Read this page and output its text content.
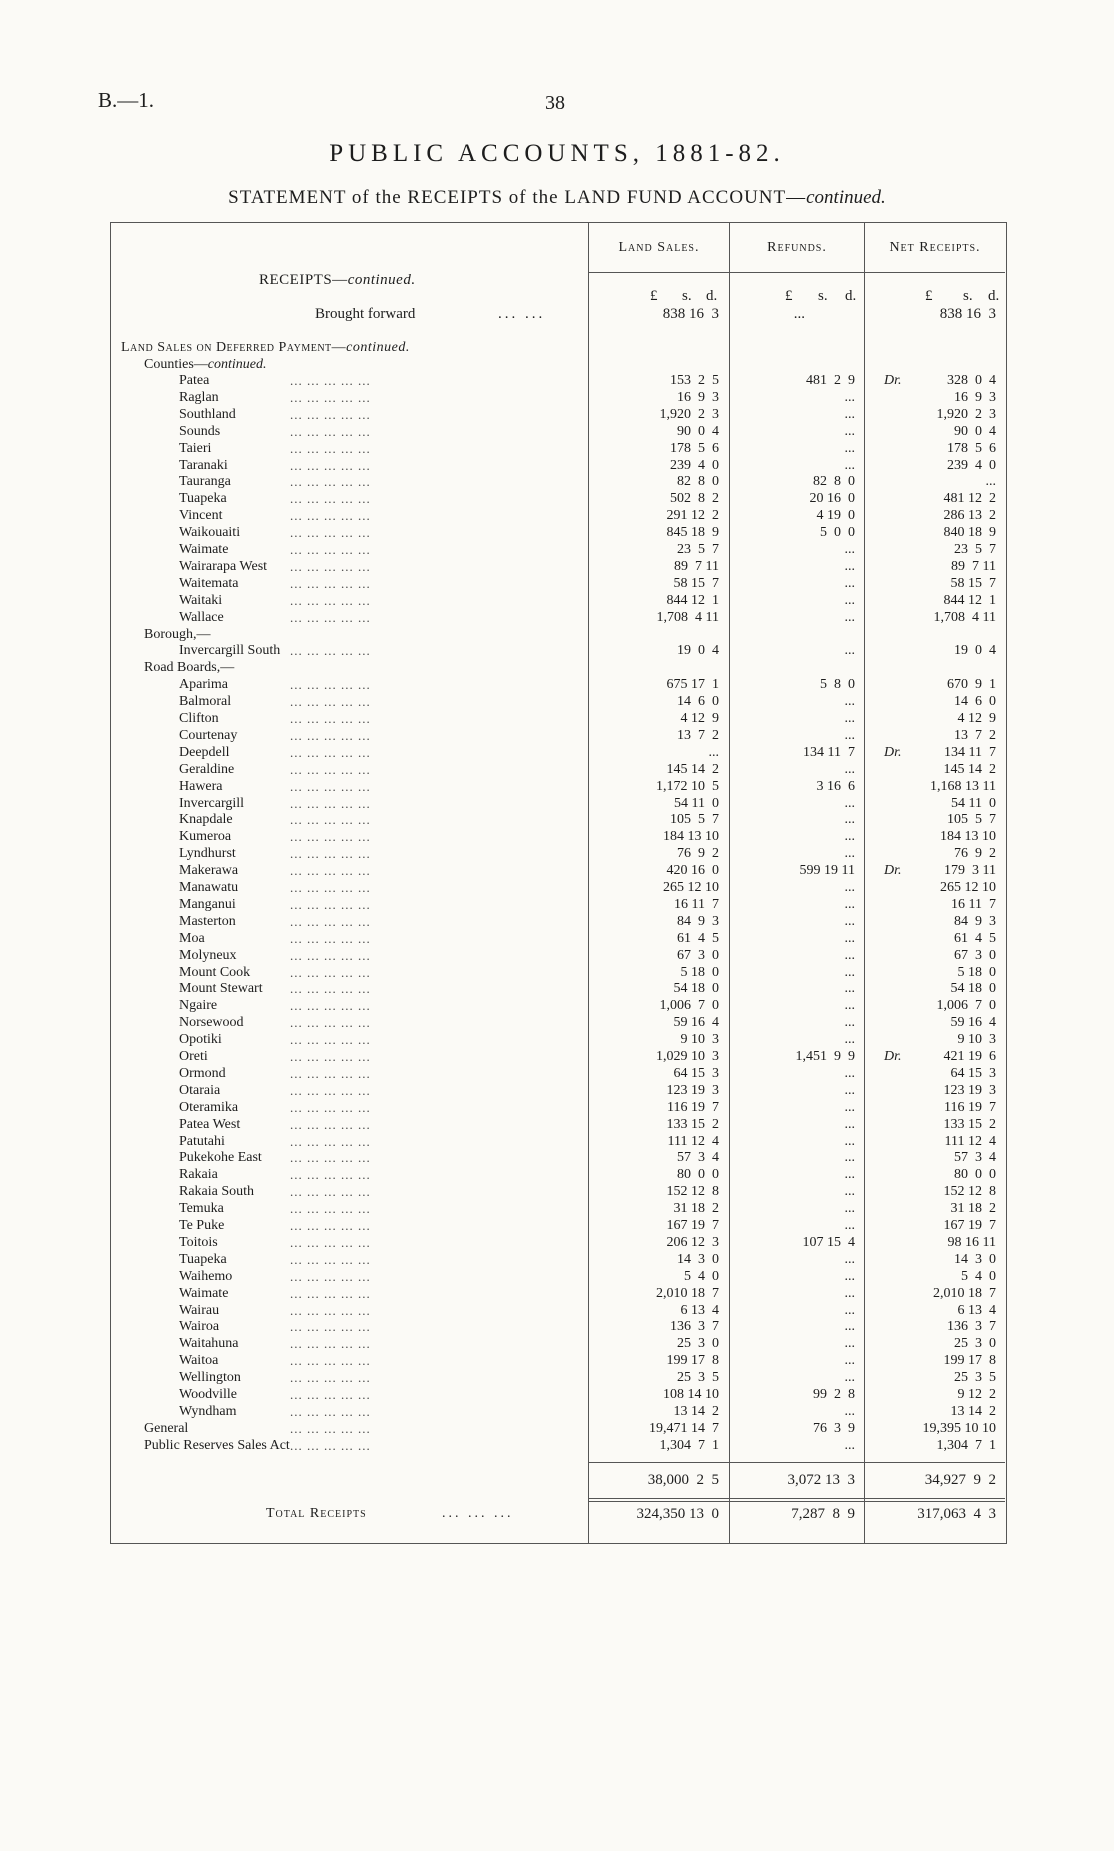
B.—1.	38
PUBLIC ACCOUNTS, 1881-82.
STATEMENT of the RECEIPTS of the LAND FUND ACCOUNT—continued.
Land Sales.	Refunds.	Net Receipts.
RECEIPTS—continued.
£ s. d.	£ s. d.	£ s. d.
Brought forward	... ...	838 16  3	...	838 16  3
Land Sales on Deferred Payment—continued.
Counties—continued.
Patea	... ... ... ... ...	153  2  5	481  2  9 Dr.	328  0  4
Raglan	... ... ... ... ...	16  9  3	...	16  9  3
Southland	... ... ... ... ...	1,920  2  3	...	1,920  2  3
Sounds	... ... ... ... ...	90  0  4	...	90  0  4
Taieri	... ... ... ... ...	178  5  6	...	178  5  6
Taranaki	... ... ... ... ...	239  4  0	...	239  4  0
Tauranga	... ... ... ... ...	82  8  0	82  8  0	...
Tuapeka	... ... ... ... ...	502  8  2	20 16  0	481 12  2
Vincent	... ... ... ... ...	291 12  2	4 19  0	286 13  2
Waikouaiti	... ... ... ... ...	845 18  9	5  0  0	840 18  9
Waimate	... ... ... ... ...	23  5  7	...	23  5  7
Wairarapa West ... ... ... ... ...	89  7 11	...	89  7 11
Waitemata	... ... ... ... ...	58 15  7	...	58 15  7
Waitaki	... ... ... ... ...	844 12  1	...	844 12  1
Wallace	... ... ... ... ...	1,708  4 11	...	1,708  4 11
Borough,—
Invercargill South ... ... ... ... ...	19  0  4	...	19  0  4
Road Boards,—
Aparima	... ... ... ... ...	675 17  1	5  8  0	670  9  1
Balmoral	... ... ... ... ...	14  6  0	...	14  6  0
Clifton	... ... ... ... ...	4 12  9	...	4 12  9
Courtenay	... ... ... ... ...	13  7  2	...	13  7  2
Deepdell	... ... ... ... ...	...	134 11  7 Dr.	134 11  7
Geraldine	... ... ... ... ...	145 14  2	...	145 14  2
Hawera	... ... ... ... ...	1,172 10  5	3 16  6	1,168 13 11
Invercargill	... ... ... ... ...	54 11  0	...	54 11  0
Knapdale	... ... ... ... ...	105  5  7	...	105  5  7
Kumeroa	... ... ... ... ...	184 13 10	...	184 13 10
Lyndhurst	... ... ... ... ...	76  9  2	...	76  9  2
Makerawa	... ... ... ... ...	420 16  0	599 19 11 Dr.	179  3 11
Manawatu	... ... ... ... ...	265 12 10	...	265 12 10
Manganui	... ... ... ... ...	16 11  7	...	16 11  7
Masterton	... ... ... ... ...	84  9  3	...	84  9  3
Moa	... ... ... ... ...	61  4  5	...	61  4  5
Molyneux	... ... ... ... ...	67  3  0	...	67  3  0
Mount Cook	... ... ... ... ...	5 18  0	...	5 18  0
Mount Stewart ... ... ... ... ...	54 18  0	...	54 18  0
Ngaire	... ... ... ... ...	1,006  7  0	...	1,006  7  0
Norsewood	... ... ... ... ...	59 16  4	...	59 16  4
Opotiki	... ... ... ... ...	9 10  3	...	9 10  3
Oreti	... ... ... ... ...	1,029 10  3	1,451  9  9 Dr.	421 19  6
Ormond	... ... ... ... ...	64 15  3	...	64 15  3
Otaraia	... ... ... ... ...	123 19  3	...	123 19  3
Oteramika	... ... ... ... ...	116 19  7	...	116 19  7
Patea West	... ... ... ... ...	133 15  2	...	133 15  2
Patutahi	... ... ... ... ...	111 12  4	...	111 12  4
Pukekohe East ... ... ... ... ...	57  3  4	...	57  3  4
Rakaia	... ... ... ... ...	80  0  0	...	80  0  0
Rakaia South	... ... ... ... ...	152 12  8	...	152 12  8
Temuka	... ... ... ... ...	31 18  2	...	31 18  2
Te Puke	... ... ... ... ...	167 19  7	...	167 19  7
Toitois	... ... ... ... ...	206 12  3	107 15  4	98 16 11
Tuapeka	... ... ... ... ...	14  3  0	...	14  3  0
Waihemo	... ... ... ... ...	5  4  0	...	5  4  0
Waimate	... ... ... ... ...	2,010 18  7	...	2,010 18  7
Wairau	... ... ... ... ...	6 13  4	...	6 13  4
Wairoa	... ... ... ... ...	136  3  7	...	136  3  7
Waitahuna	... ... ... ... ...	25  3  0	...	25  3  0
Waitoa	... ... ... ... ...	199 17  8	...	199 17  8
Wellington	... ... ... ... ...	25  3  5	...	25  3  5
Woodville	... ... ... ... ...	108 14 10	99  2  8	9 12  2
Wyndham	... ... ... ... ...	13 14  2	...	13 14  2
General	... ... ... ... ...	19,471 14  7	76  3  9	19,395 10 10
Public Reserves Sales Act ... ... ... ... ...	1,304  7  1	...	1,304  7  1
38,000  2  5	3,072 13  3	34,927  9  2
Total Receipts	... ... ...	324,350 13  0	7,287  8  9	317,063  4  3
